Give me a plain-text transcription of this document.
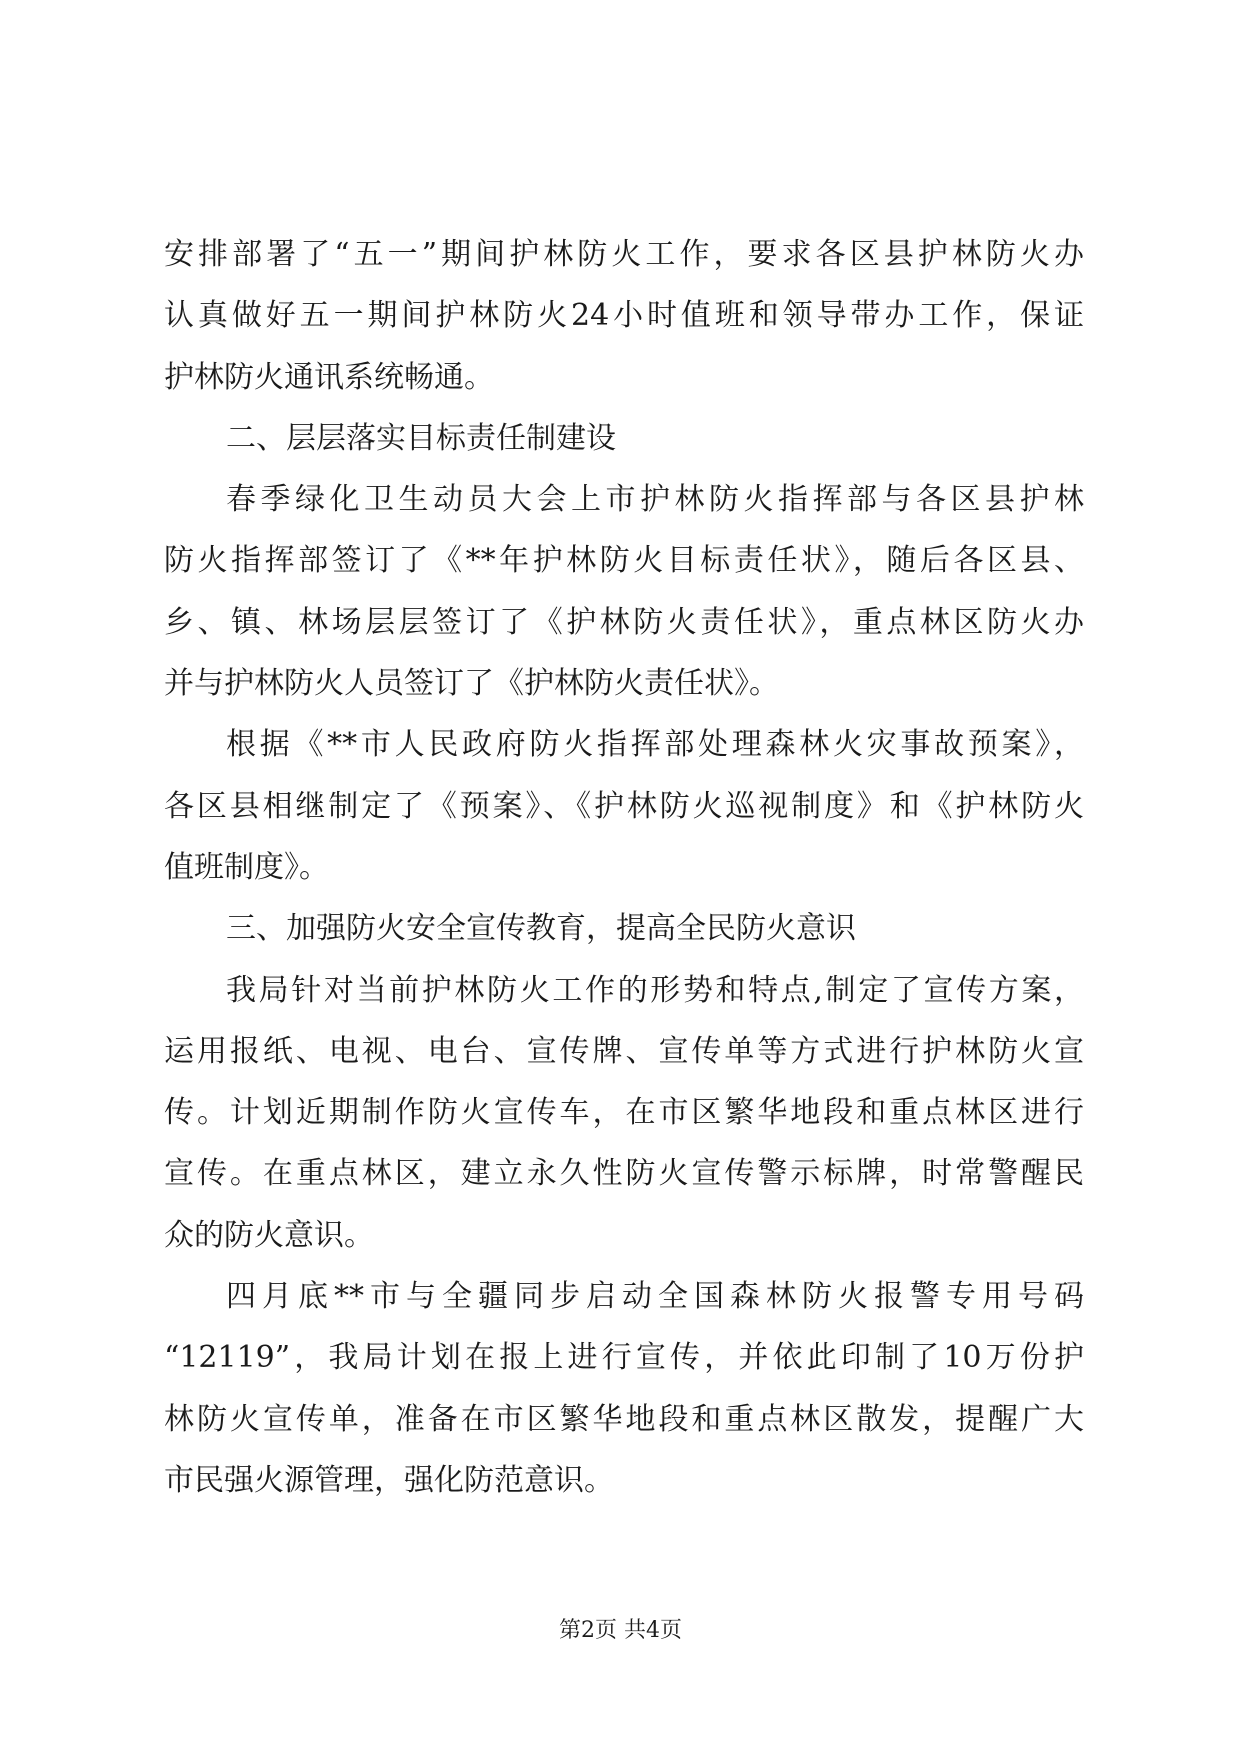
安排部署了“五一”期间护林防火工作，要求各区县护林防火办
认真做好五一期间护林防火24小时值班和领导带办工作，保证
护林防火通讯系统畅通。
二、层层落实目标责任制建设
春季绿化卫生动员大会上市护林防火指挥部与各区县护林
防火指挥部签订了《**年护林防火目标责任状》，随后各区县、
乡、镇、林场层层签订了《护林防火责任状》，重点林区防火办
并与护林防火人员签订了《护林防火责任状》。
根据《**市人民政府防火指挥部处理森林火灾事故预案》，
各区县相继制定了《预案》、《护林防火巡视制度》和《护林防火
值班制度》。
三、加强防火安全宣传教育，提高全民防火意识
我局针对当前护林防火工作的形势和特点,制定了宣传方案，
运用报纸、电视、电台、宣传牌、宣传单等方式进行护林防火宣
传。计划近期制作防火宣传车，在市区繁华地段和重点林区进行
宣传。在重点林区，建立永久性防火宣传警示标牌，时常警醒民
众的防火意识。
四月底**市与全疆同步启动全国森林防火报警专用号码
“12119”，我局计划在报上进行宣传，并依此印制了10万份护
林防火宣传单，准备在市区繁华地段和重点林区散发，提醒广大
市民强火源管理，强化防范意识。
第2页 共4页
